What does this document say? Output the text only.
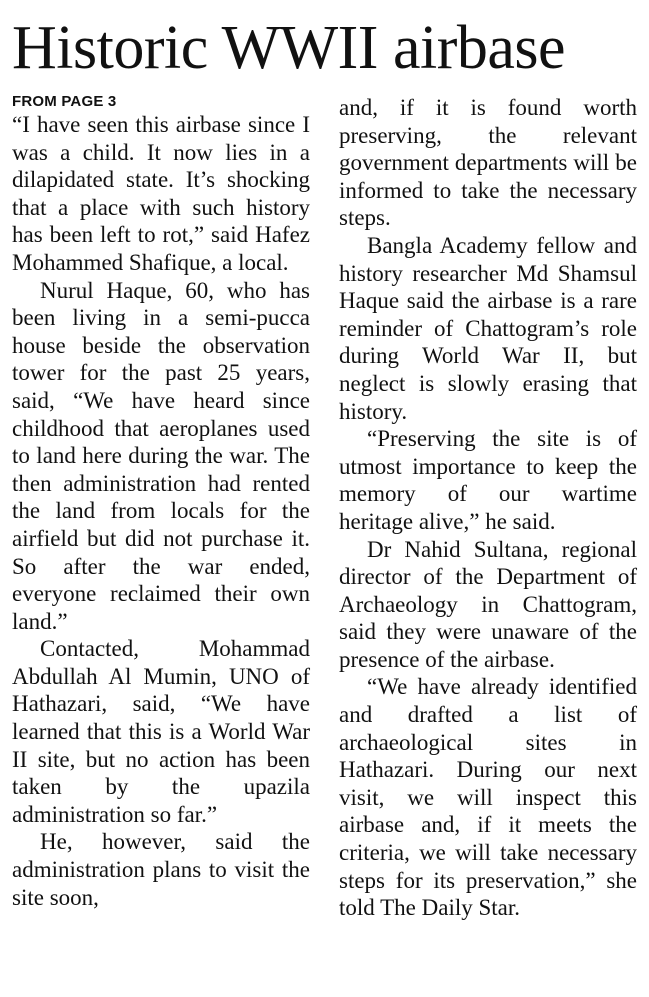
Historic WWII airbase
FROM PAGE 3

“I have seen this airbase since I was a child. It now lies in a dilapidated state. It’s shocking that a place with such history has been left to rot,” said Hafez Mohammed Shafique, a local.

Nurul Haque, 60, who has been living in a semi-pucca house beside the observation tower for the past 25 years, said, “We have heard since childhood that aeroplanes used to land here during the war. The then administration had rented the land from locals for the airfield but did not purchase it. So after the war ended, everyone reclaimed their own land.”

Contacted, Mohammad Abdullah Al Mumin, UNO of Hathazari, said, “We have learned that this is a World War II site, but no action has been taken by the upazila administration so far.”

He, however, said the administration plans to visit the site soon,

and, if it is found worth preserving, the relevant government departments will be informed to take the necessary steps.

Bangla Academy fellow and history researcher Md Shamsul Haque said the airbase is a rare reminder of Chattogram’s role during World War II, but neglect is slowly erasing that history.

“Preserving the site is of utmost importance to keep the memory of our wartime heritage alive,” he said.

Dr Nahid Sultana, regional director of the Department of Archaeology in Chattogram, said they were unaware of the presence of the airbase.

“We have already identified and drafted a list of archaeological sites in Hathazari. During our next visit, we will inspect this airbase and, if it meets the criteria, we will take necessary steps for its preservation,” she told The Daily Star.
